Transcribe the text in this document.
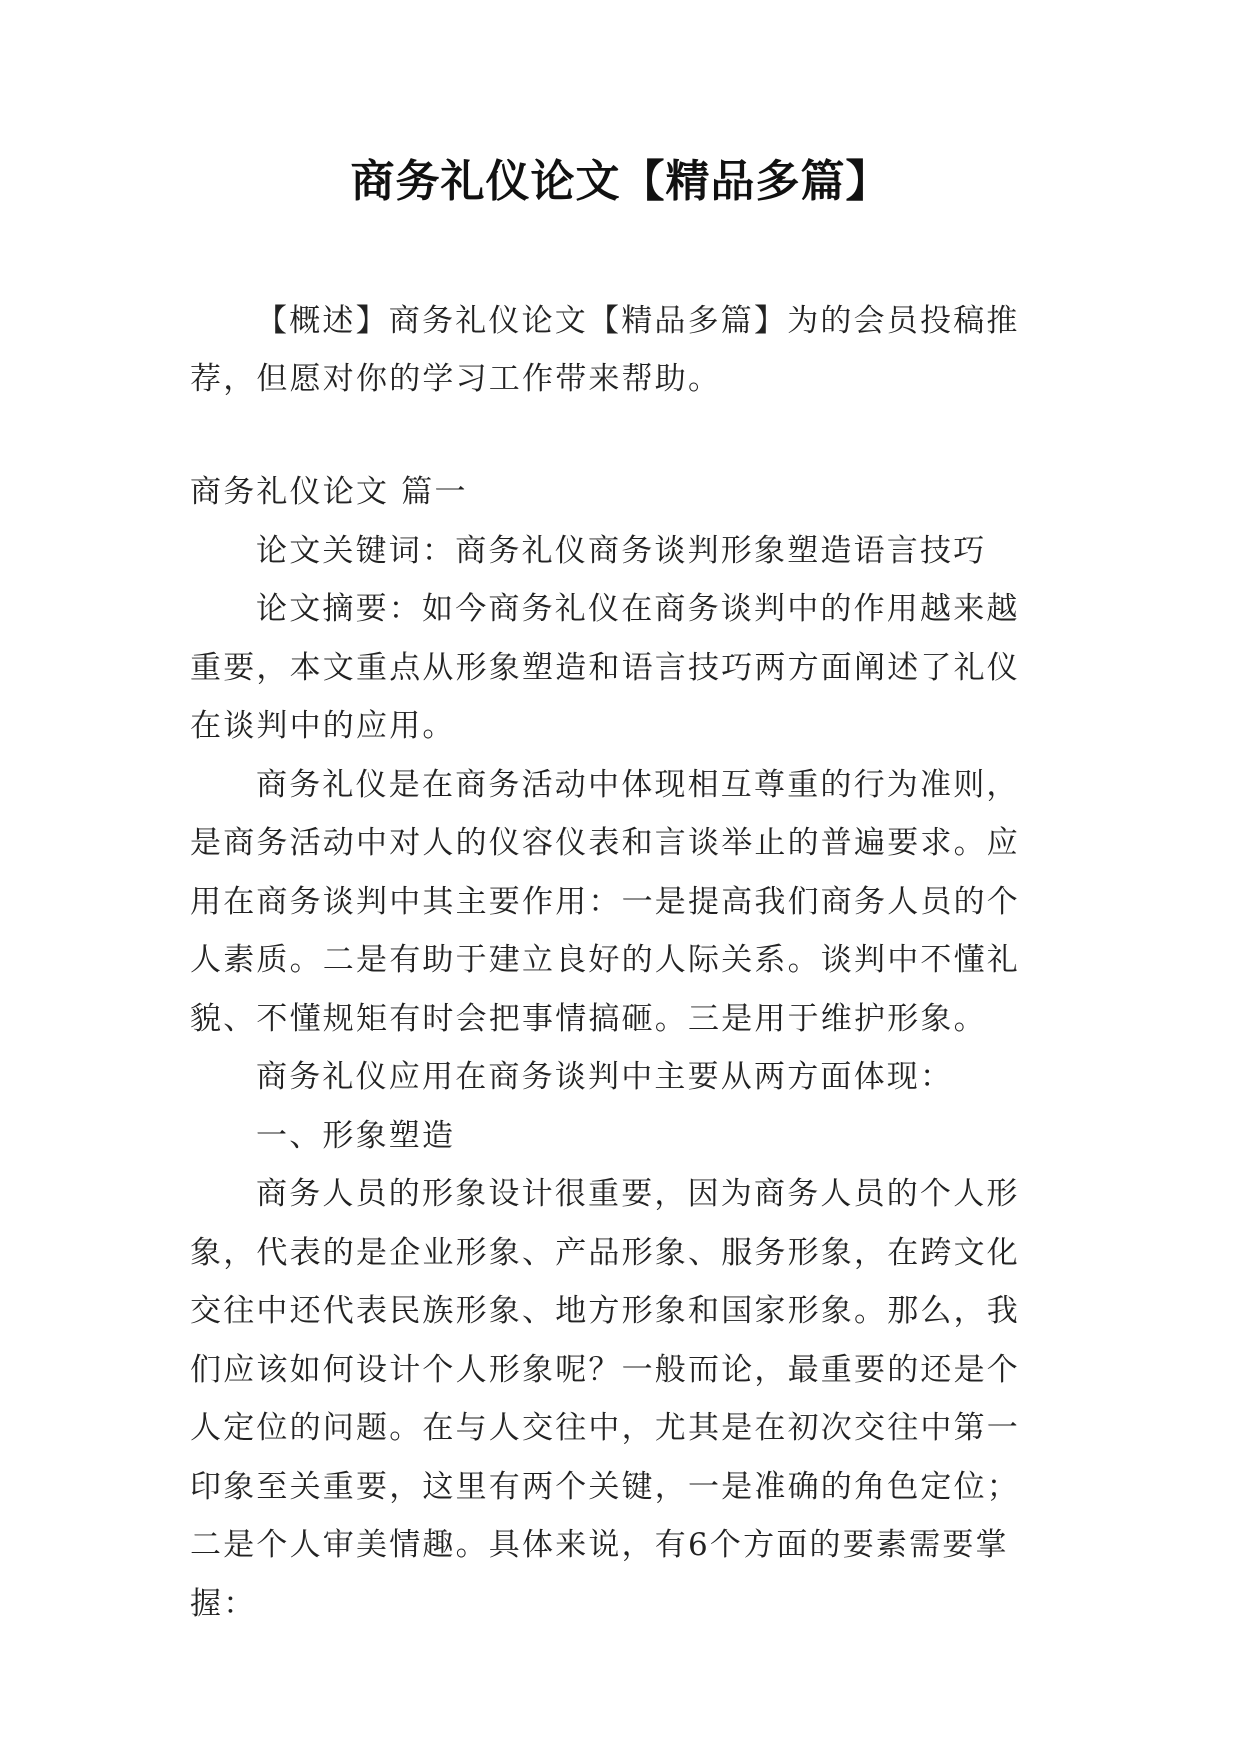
商务礼仪论文【精品多篇】
【概述】商务礼仪论文【精品多篇】为的会员投稿推荐，但愿对你的学习工作带来帮助。

商务礼仪论文 篇一

论文关键词：商务礼仪商务谈判形象塑造语言技巧

论文摘要：如今商务礼仪在商务谈判中的作用越来越重要，本文重点从形象塑造和语言技巧两方面阐述了礼仪在谈判中的应用。

商务礼仪是在商务活动中体现相互尊重的行为准则，是商务活动中对人的仪容仪表和言谈举止的普遍要求。应用在商务谈判中其主要作用：一是提高我们商务人员的个人素质。二是有助于建立良好的人际关系。谈判中不懂礼貌、不懂规矩有时会把事情搞砸。三是用于维护形象。

商务礼仪应用在商务谈判中主要从两方面体现：

一、形象塑造

商务人员的形象设计很重要，因为商务人员的个人形象，代表的是企业形象、产品形象、服务形象，在跨文化交往中还代表民族形象、地方形象和国家形象。那么，我们应该如何设计个人形象呢？一般而论，最重要的还是个人定位的问题。在与人交往中，尤其是在初次交往中第一印象至关重要，这里有两个关键，一是准确的角色定位；二是个人审美情趣。具体来说，有6个方面的要素需要掌握：
